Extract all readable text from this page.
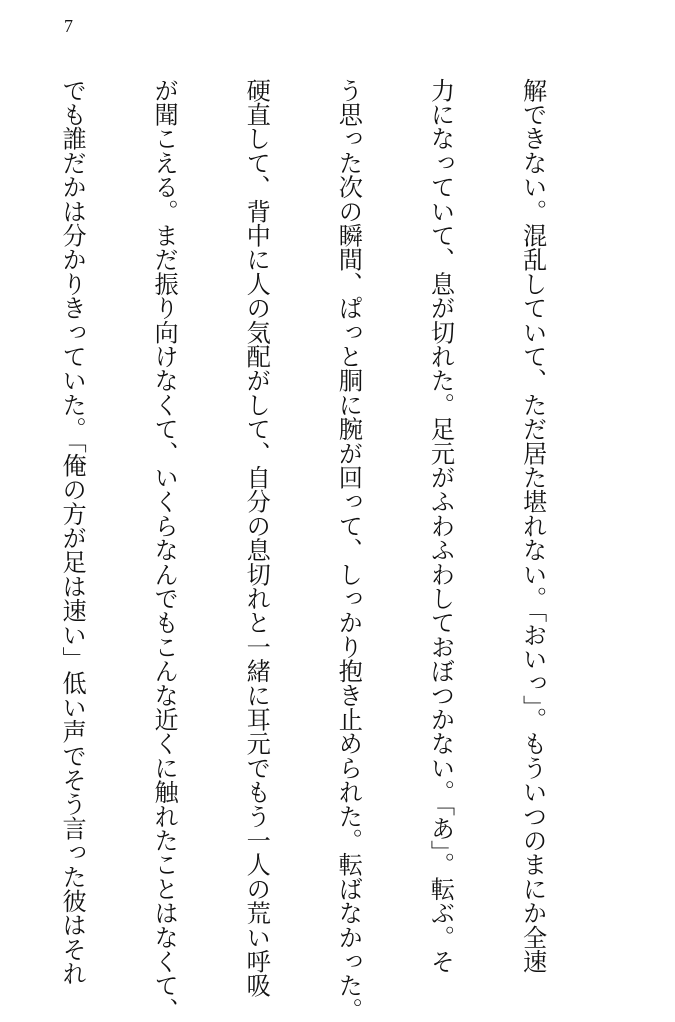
7

解できない。混乱していて、ただ居た堪れない。「おいっ」。もういつのまにか全速

力になっていて、息が切れた。足元がふわふわしておぼつかない。「あ」。転ぶ。そ

う思った次の瞬間、ぱっと胴に腕が回って、しっかり抱き止められた。転ばなかった。

硬直して、背中に人の気配がして、自分の息切れと一緒に耳元でもう一人の荒い呼吸

が聞こえる。まだ振り向けなくて、いくらなんでもこんな近くに触れたことはなくて、

でも誰だかは分かりきっていた。「俺の方が足は速い」低い声でそう言った彼はそれ
